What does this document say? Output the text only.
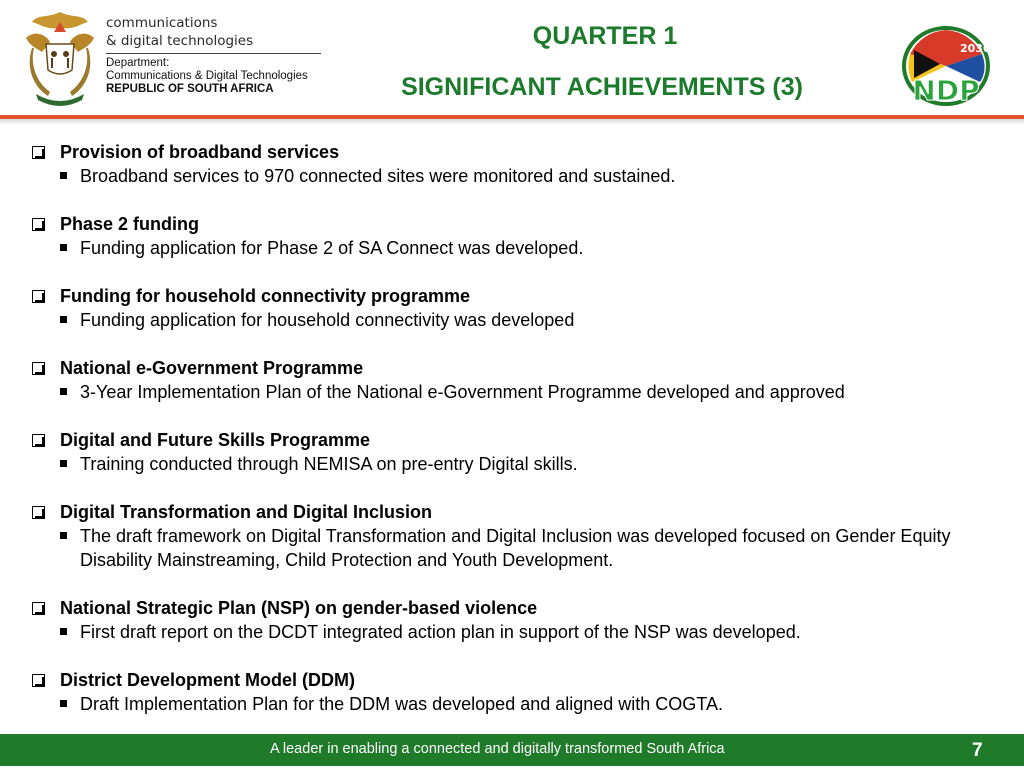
communications
& digital technologies
Department:
Communications & Digital Technologies
REPUBLIC OF SOUTH AFRICA
QUARTER 1
SIGNIFICANT ACHIEVEMENTS (3)
2030
NDP
Provision of broadband services
Broadband services to 970 connected sites were monitored and sustained.
Phase 2 funding
Funding application for Phase 2 of SA Connect was developed.
Funding for household connectivity programme
Funding application for household connectivity was developed
National e-Government Programme
3-Year Implementation Plan of the National e-Government Programme developed and approved
Digital and Future Skills Programme
Training conducted through NEMISA on pre-entry Digital skills.
Digital Transformation and Digital Inclusion
The draft framework on Digital Transformation and Digital Inclusion was developed focused on Gender Equity Disability Mainstreaming, Child Protection and Youth Development.
National Strategic Plan (NSP) on gender-based violence
First draft report on the DCDT integrated action plan in support of the NSP was developed.
District Development Model (DDM)
Draft Implementation Plan for the DDM was developed and aligned with COGTA.
A leader in enabling a connected and digitally transformed South Africa	7
